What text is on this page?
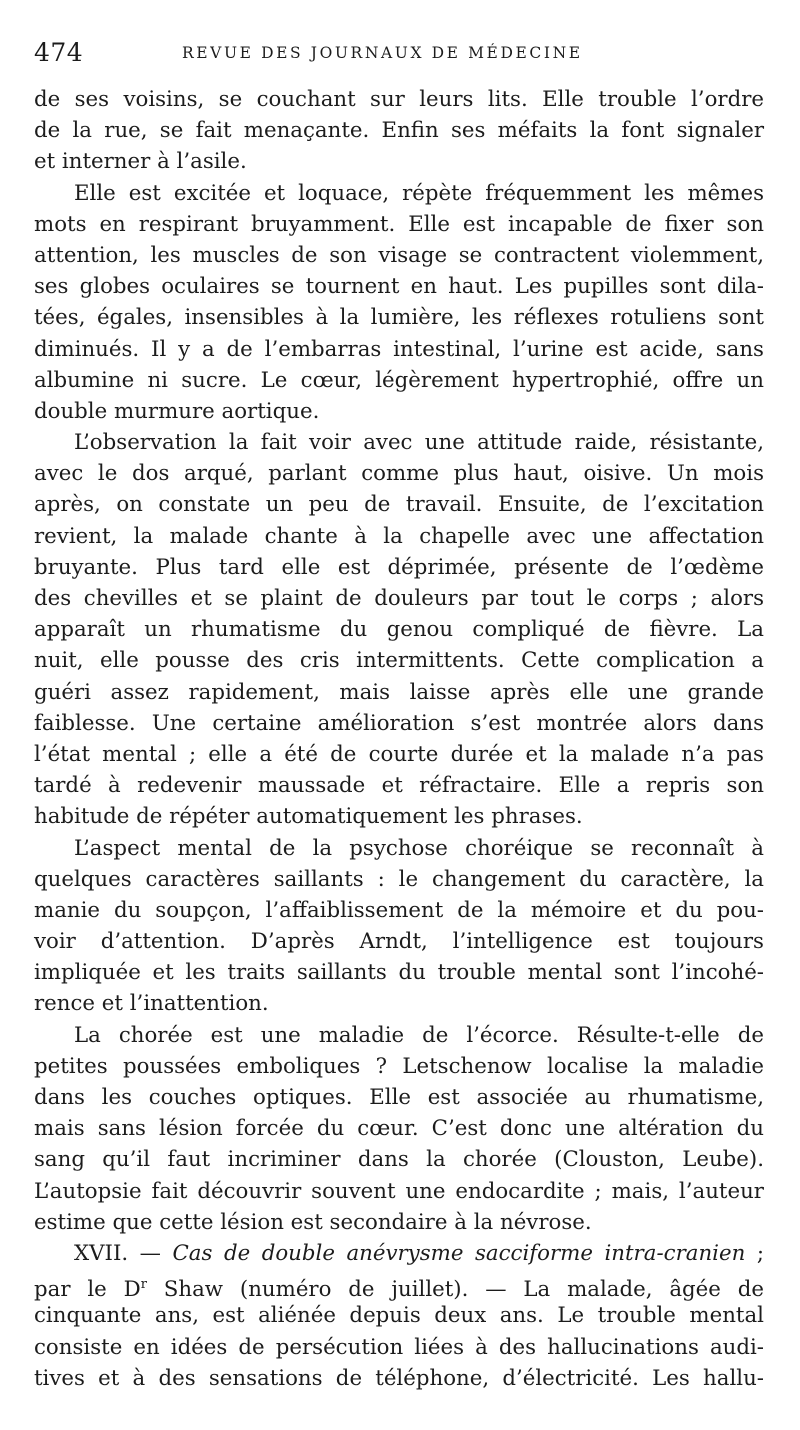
474	REVUE DES JOURNAUX DE MÉDECINE
de ses voisins, se couchant sur leurs lits. Elle trouble l’ordre
de la rue, se fait menaçante. Enfin ses méfaits la font signaler
et interner à l’asile.
Elle est excitée et loquace, répète fréquemment les mêmes
mots en respirant bruyamment. Elle est incapable de fixer son
attention, les muscles de son visage se contractent violemment,
ses globes oculaires se tournent en haut. Les pupilles sont dila-
tées, égales, insensibles à la lumière, les réflexes rotuliens sont
diminués. Il y a de l’embarras intestinal, l’urine est acide, sans
albumine ni sucre. Le cœur, légèrement hypertrophié, offre un
double murmure aortique.
L’observation la fait voir avec une attitude raide, résistante,
avec le dos arqué, parlant comme plus haut, oisive. Un mois
après, on constate un peu de travail. Ensuite, de l’excitation
revient, la malade chante à la chapelle avec une affectation
bruyante. Plus tard elle est déprimée, présente de l’œdème
des chevilles et se plaint de douleurs par tout le corps ; alors
apparaît un rhumatisme du genou compliqué de fièvre. La
nuit, elle pousse des cris intermittents. Cette complication a
guéri assez rapidement, mais laisse après elle une grande
faiblesse. Une certaine amélioration s’est montrée alors dans
l’état mental ; elle a été de courte durée et la malade n’a pas
tardé à redevenir maussade et réfractaire. Elle a repris son
habitude de répéter automatiquement les phrases.
L’aspect mental de la psychose choréique se reconnaît à
quelques caractères saillants : le changement du caractère, la
manie du soupçon, l’affaiblissement de la mémoire et du pou-
voir d’attention. D’après Arndt, l’intelligence est toujours
impliquée et les traits saillants du trouble mental sont l’incohé-
rence et l’inattention.
La chorée est une maladie de l’écorce. Résulte-t-elle de
petites poussées emboliques ? Letschenow localise la maladie
dans les couches optiques. Elle est associée au rhumatisme,
mais sans lésion forcée du cœur. C’est donc une altération du
sang qu’il faut incriminer dans la chorée (Clouston, Leube).
L’autopsie fait découvrir souvent une endocardite ; mais, l’auteur
estime que cette lésion est secondaire à la névrose.
XVII. — Cas de double anévrysme sacciforme intra-cranien ;
par le $D^r$ Shaw (numéro de juillet). — La malade, âgée de
cinquante ans, est aliénée depuis deux ans. Le trouble mental
consiste en idées de persécution liées à des hallucinations audi-
tives et à des sensations de téléphone, d’électricité. Les hallu-
